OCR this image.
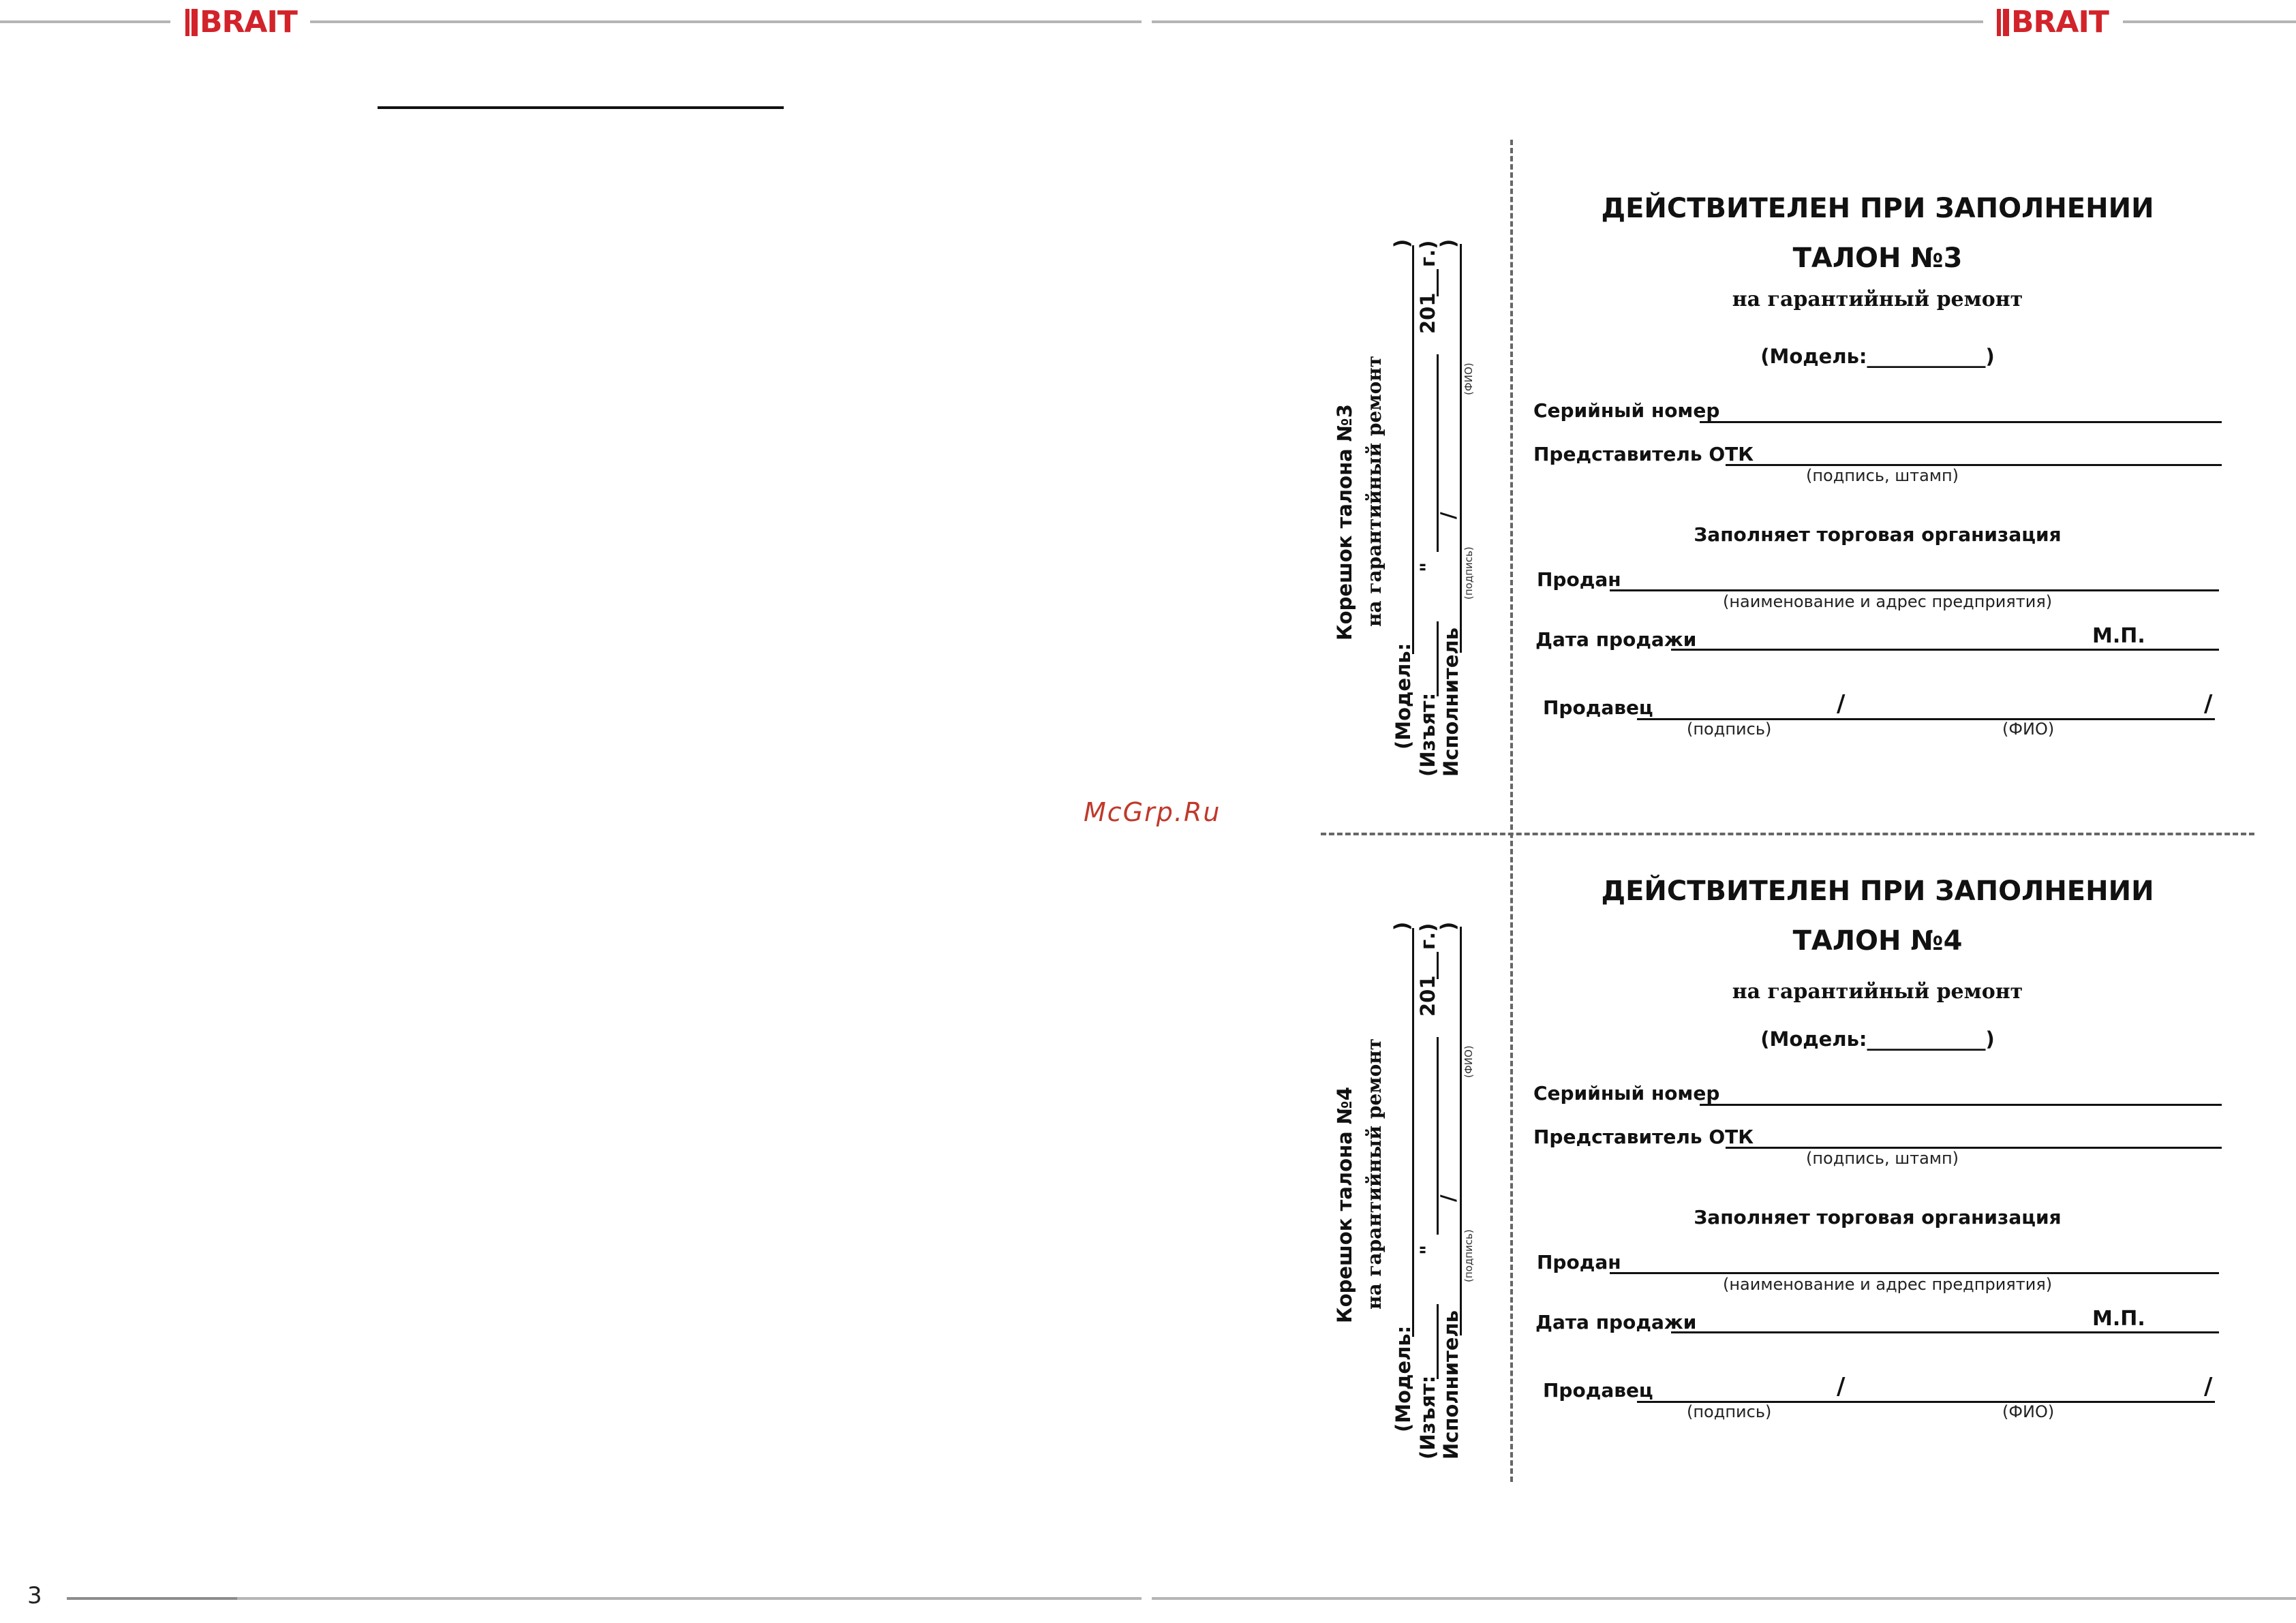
BRAIT	BRAIT
McGrp.Ru
ДЕЙСТВИТЕЛЕН ПРИ ЗАПОЛНЕНИИ
ТАЛОН №3
на гарантийный ремонт
(Модель:____________)
Серийный номер
Представитель ОТК
(подпись, штамп)
Заполняет торговая организация
Продан
(наименование и адрес предприятия)
Дата продажи	М.П.
Продавец	/	/
(подпись)	(ФИО)
ДЕЙСТВИТЕЛЕН ПРИ ЗАПОЛНЕНИИ
ТАЛОН №4
на гарантийный ремонт
(Модель:____________)
Серийный номер
Представитель ОТК
(подпись, штамп)
Заполняет торговая организация
Продан
(наименование и адрес предприятия)
Дата продажи	М.П.
Продавец	/	/
(подпись)	(ФИО)
Корешок талона №3 на гарантийный ремонт
(Модель:
)
(Изъят:
"
201
г.)
Исполнитель
/
)
(подпись)
(ФИО)
Корешок талона №4 на гарантийный ремонт
(Модель:
)
(Изъят:
"
201
г.)
Исполнитель
/
)
(подпись)
(ФИО)
3
